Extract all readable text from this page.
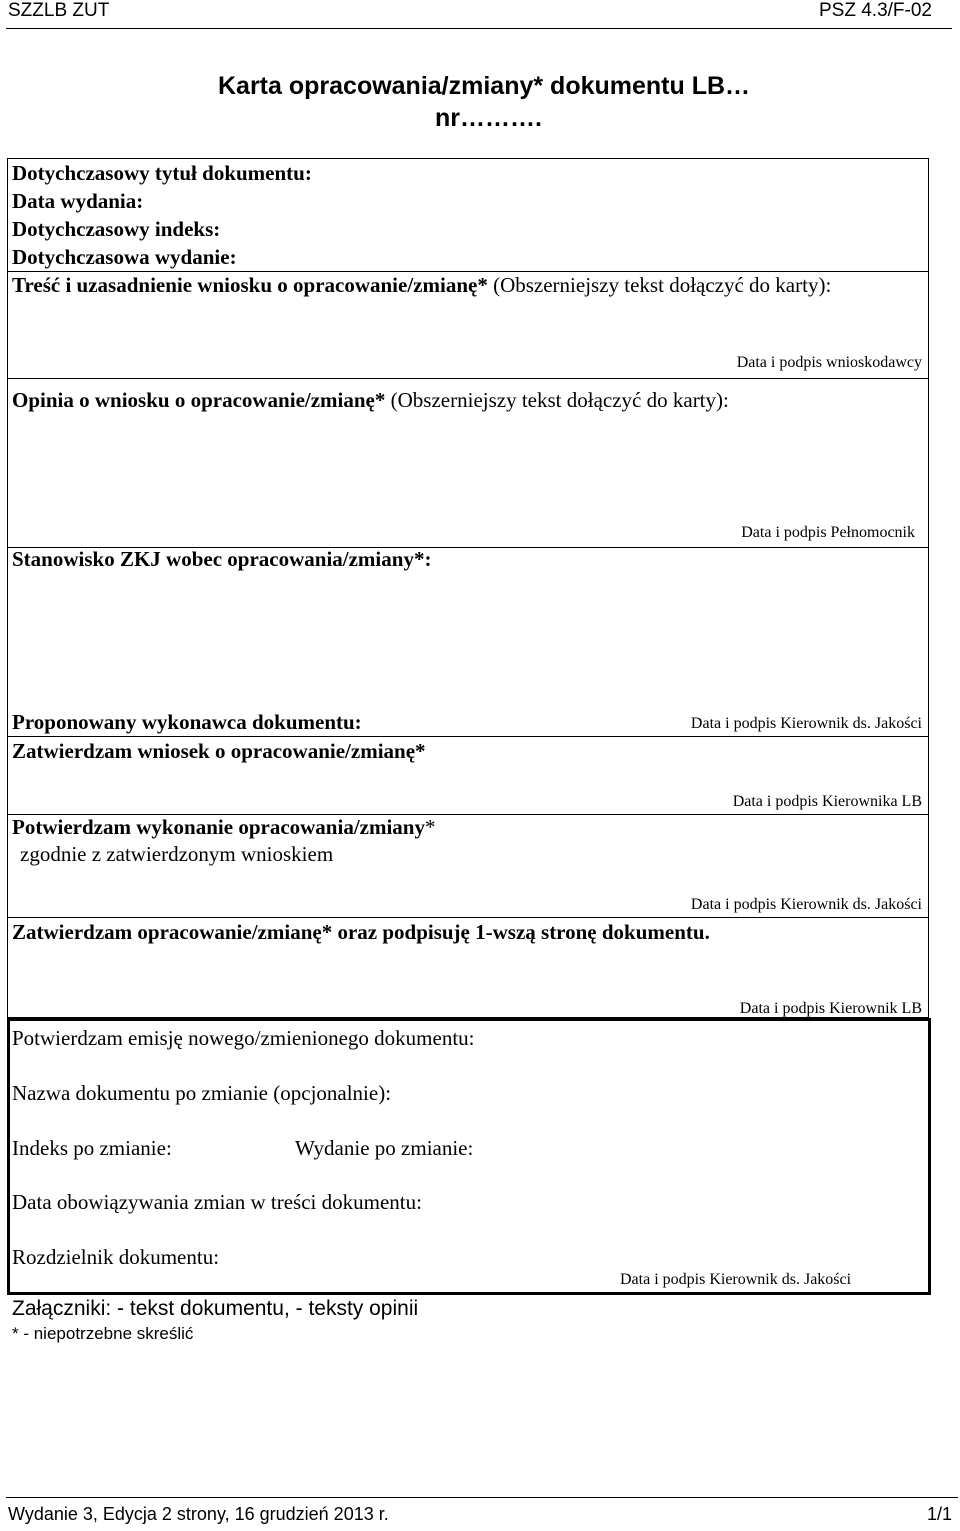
SZZLB ZUT	PSZ 4.3/F-02
Karta opracowania/zmiany* dokumentu LB…
nr……….
Dotychczasowy tytuł dokumentu:
Data wydania:
Dotychczasowy indeks:
Dotychczasowa wydanie:
Treść i uzasadnienie wniosku o opracowanie/zmianę* (Obszerniejszy tekst dołączyć do karty):
Data i podpis wnioskodawcy
Opinia o wniosku o opracowanie/zmianę* (Obszerniejszy tekst dołączyć do karty):
Data i podpis Pełnomocnik
Stanowisko ZKJ wobec opracowania/zmiany*:
Proponowany wykonawca dokumentu:	Data i podpis Kierownik ds. Jakości
Zatwierdzam wniosek o opracowanie/zmianę*
Data i podpis Kierownika LB
Potwierdzam wykonanie opracowania/zmiany*
zgodnie z zatwierdzonym wnioskiem
Data i podpis Kierownik ds. Jakości
Zatwierdzam opracowanie/zmianę* oraz podpisuję 1-wszą stronę dokumentu.
Data i podpis Kierownik LB
Potwierdzam emisję nowego/zmienionego dokumentu:
Nazwa dokumentu po zmianie (opcjonalnie):
Indeks po zmianie:	Wydanie po zmianie:
Data obowiązywania zmian w treści dokumentu:
Rozdzielnik dokumentu:
Data i podpis Kierownik ds. Jakości
Załączniki: - tekst dokumentu, - teksty opinii
* - niepotrzebne skreślić
Wydanie 3, Edycja 2 strony, 16 grudzień 2013 r.	1/1
